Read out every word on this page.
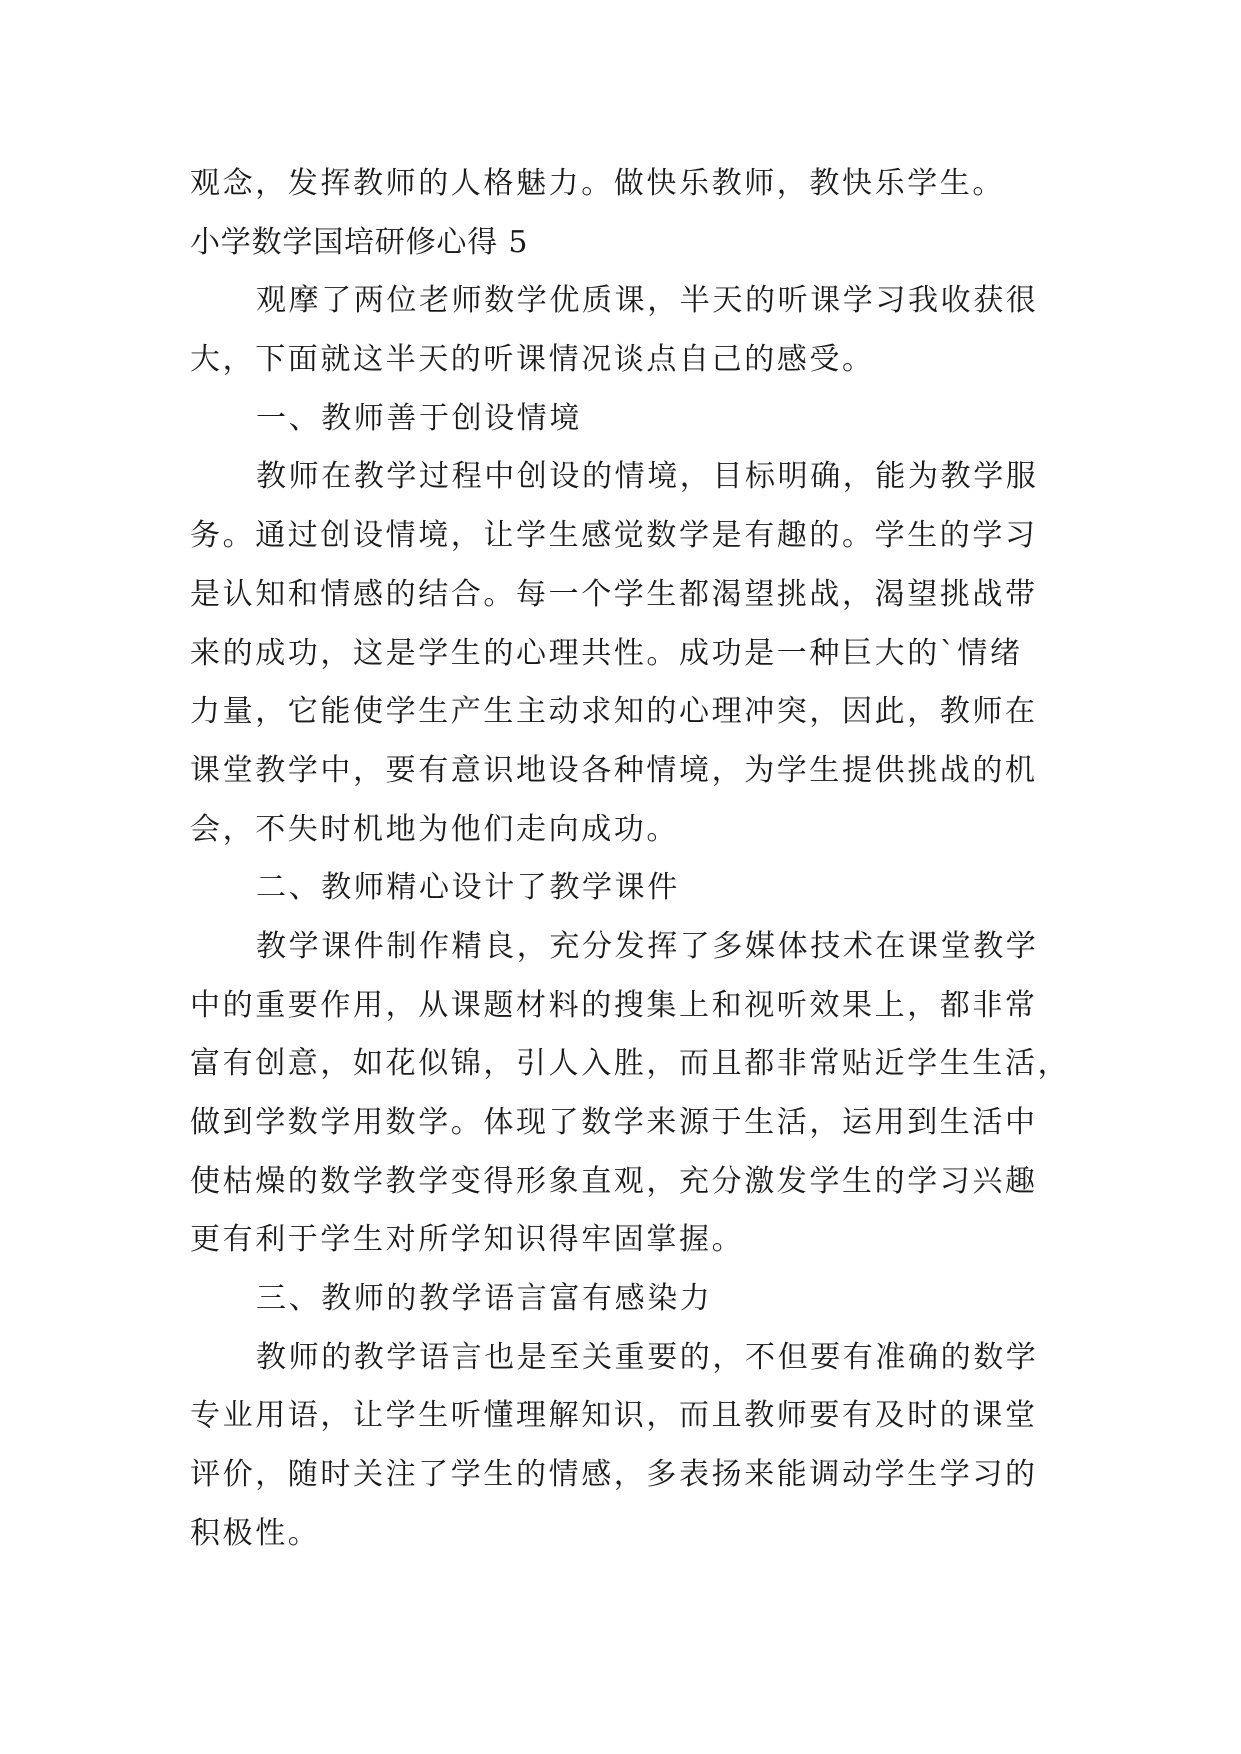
观念，发挥教师的人格魅力。做快乐教师，教快乐学生。
小学数学国培研修心得 5
观摩了两位老师数学优质课，半天的听课学习我收获很
大，下面就这半天的听课情况谈点自己的感受。
一、教师善于创设情境
教师在教学过程中创设的情境，目标明确，能为教学服
务。通过创设情境，让学生感觉数学是有趣的。学生的学习
是认知和情感的结合。每一个学生都渴望挑战，渴望挑战带
来的成功，这是学生的心理共性。成功是一种巨大的`情绪
力量，它能使学生产生主动求知的心理冲突，因此，教师在
课堂教学中，要有意识地设各种情境，为学生提供挑战的机
会，不失时机地为他们走向成功。
二、教师精心设计了教学课件
教学课件制作精良，充分发挥了多媒体技术在课堂教学
中的重要作用，从课题材料的搜集上和视听效果上，都非常
富有创意，如花似锦，引人入胜，而且都非常贴近学生生活，
做到学数学用数学。体现了数学来源于生活，运用到生活中
使枯燥的数学教学变得形象直观，充分激发学生的学习兴趣
更有利于学生对所学知识得牢固掌握。
三、教师的教学语言富有感染力
教师的教学语言也是至关重要的，不但要有准确的数学
专业用语，让学生听懂理解知识，而且教师要有及时的课堂
评价，随时关注了学生的情感，多表扬来能调动学生学习的
积极性。
